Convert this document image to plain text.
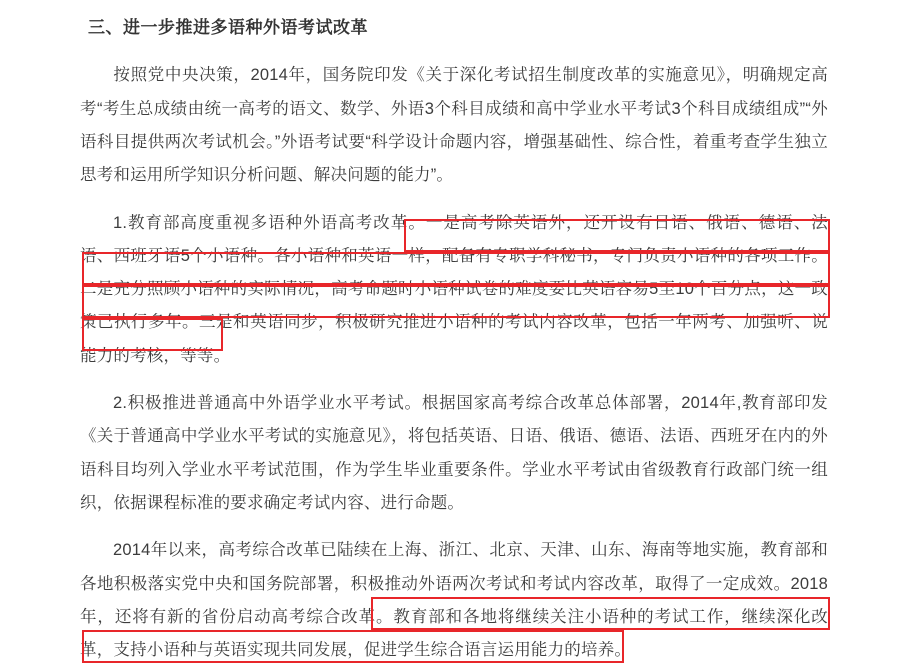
三、进一步推进多语种外语考试改革

按照党中央决策，2014年，国务院印发《关于深化考试招生制度改革的实施意见》，明确规定高考“考生总成绩由统一高考的语文、数学、外语3个科目成绩和高中学业水平考试3个科目成绩组成”“外语科目提供两次考试机会。”外语考试要“科学设计命题内容，增强基础性、综合性，着重考查学生独立思考和运用所学知识分析问题、解决问题的能力”。

1.教育部高度重视多语种外语高考改革。一是高考除英语外，还开设有日语、俄语、德语、法语、西班牙语5个小语种。各小语种和英语一样，配备有专职学科秘书，专门负责小语种的各项工作。二是充分照顾小语种的实际情况，高考命题时小语种试卷的难度要比英语容易5至10个百分点，这一政策已执行多年。三是和英语同步，积极研究推进小语种的考试内容改革，包括一年两考、加强听、说能力的考核，等等。

2.积极推进普通高中外语学业水平考试。根据国家高考综合改革总体部署，2014年,教育部印发《关于普通高中学业水平考试的实施意见》，将包括英语、日语、俄语、德语、法语、西班牙在内的外语科目均列入学业水平考试范围，作为学生毕业重要条件。学业水平考试由省级教育行政部门统一组织，依据课程标准的要求确定考试内容、进行命题。

2014年以来，高考综合改革已陆续在上海、浙江、北京、天津、山东、海南等地实施，教育部和各地积极落实党中央和国务院部署，积极推动外语两次考试和考试内容改革，取得了一定成效。2018年，还将有新的省份启动高考综合改革。教育部和各地将继续关注小语种的考试工作，继续深化改革，支持小语种与英语实现共同发展，促进学生综合语言运用能力的培养。
